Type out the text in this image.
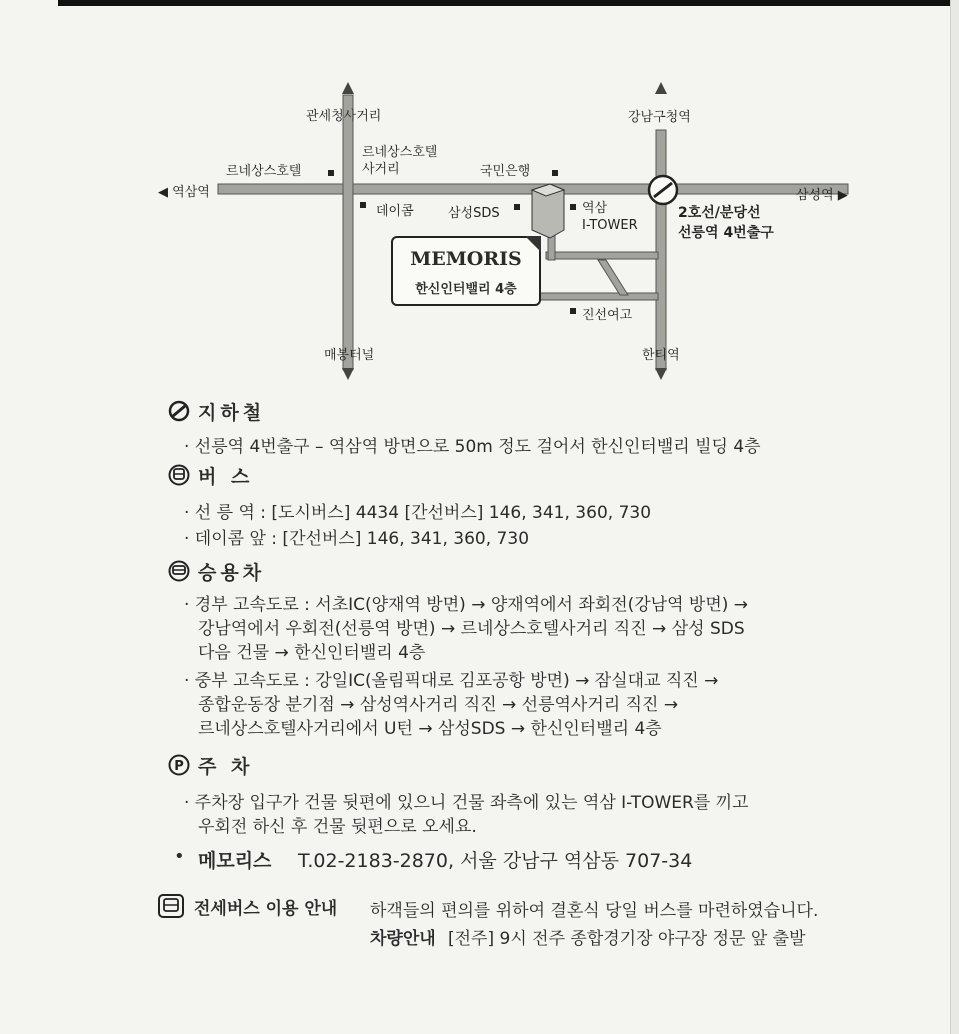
관세청사거리	강남구청역
르네상스호텔
르네상스호텔
사거리	국민은행
◀ 역삼역	삼성역 ▶
데이콤	삼성SDS	역삼
I-TOWER
2호선/분당선
선릉역 4번출구
진선여고
매봉터널	한티역
MEMORIS
한신인터밸리 4층
지하철
· 선릉역 4번출구 – 역삼역 방면으로 50m 정도 걸어서 한신인터밸리 빌딩 4층
버 스
· 선 릉 역 : [도시버스] 4434 [간선버스] 146, 341, 360, 730
· 데이콤 앞 : [간선버스] 146, 341, 360, 730
승용차
· 경부 고속도로 : 서초IC(양재역 방면) → 양재역에서 좌회전(강남역 방면) →
강남역에서 우회전(선릉역 방면) → 르네상스호텔사거리 직진 → 삼성 SDS
다음 건물 → 한신인터밸리 4층
· 중부 고속도로 : 강일IC(올림픽대로 김포공항 방면) → 잠실대교 직진 →
종합운동장 분기점 → 삼성역사거리 직진 → 선릉역사거리 직진 →
르네상스호텔사거리에서 U턴 → 삼성SDS → 한신인터밸리 4층
P 주 차
· 주차장 입구가 건물 뒷편에 있으니 건물 좌측에 있는 역삼 I-TOWER를 끼고
우회전 하신 후 건물 뒷편으로 오세요.
• 메모리스 T.02-2183-2870, 서울 강남구 역삼동 707-34
전세버스 이용 안내 하객들의 편의를 위하여 결혼식 당일 버스를 마련하였습니다.
차량안내 [전주] 9시 전주 종합경기장 야구장 정문 앞 출발
